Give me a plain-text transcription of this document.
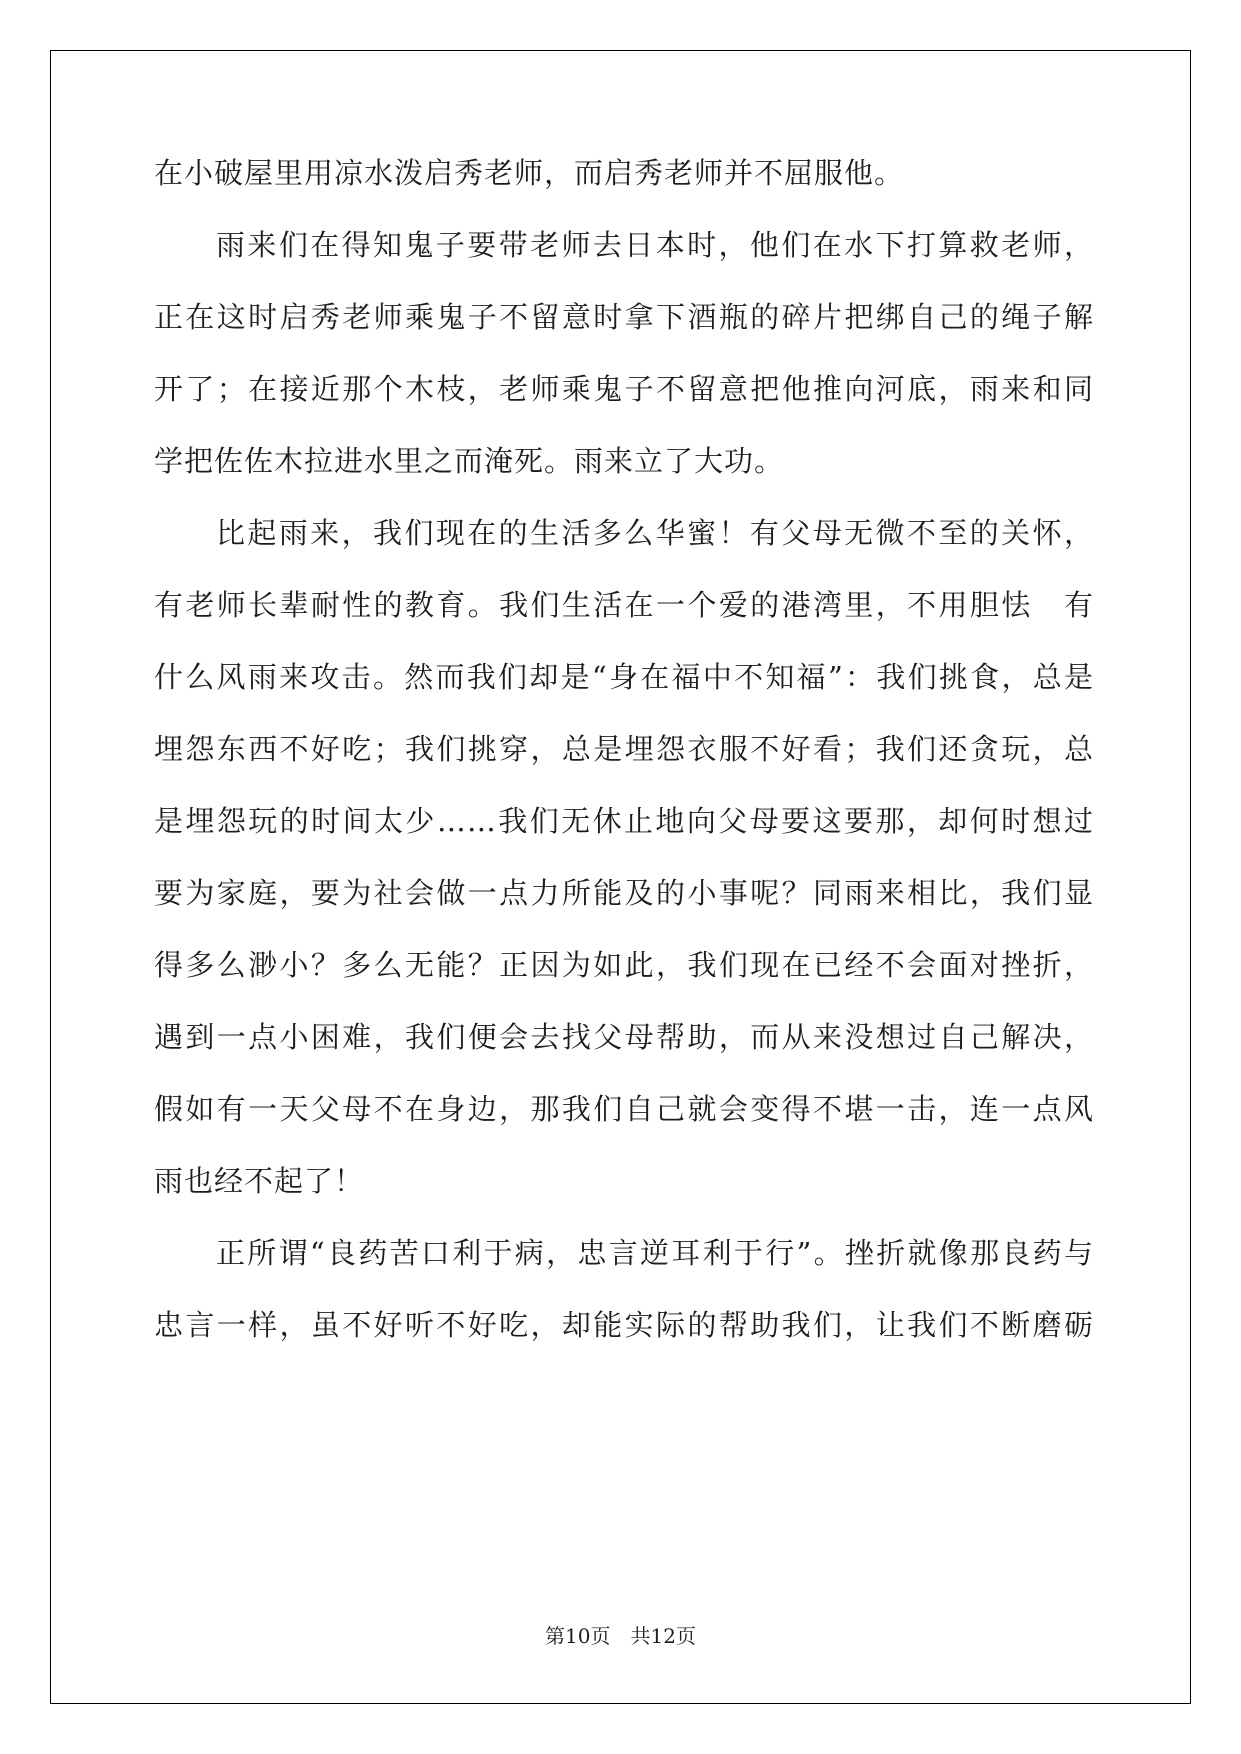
在小破屋里用凉水泼启秀老师，而启秀老师并不屈服他。
雨来们在得知鬼子要带老师去日本时，他们在水下打算救老师，
正在这时启秀老师乘鬼子不留意时拿下酒瓶的碎片把绑自己的绳子解
开了；在接近那个木枝，老师乘鬼子不留意把他推向河底，雨来和同
学把佐佐木拉进水里之而淹死。雨来立了大功。
比起雨来，我们现在的生活多么华蜜！有父母无微不至的关怀，
有老师长辈耐性的教育。我们生活在一个爱的港湾里，不用胆怯　有
什么风雨来攻击。然而我们却是“身在福中不知福”：我们挑食，总是
埋怨东西不好吃；我们挑穿，总是埋怨衣服不好看；我们还贪玩，总
是埋怨玩的时间太少……我们无休止地向父母要这要那，却何时想过
要为家庭，要为社会做一点力所能及的小事呢？同雨来相比，我们显
得多么渺小？多么无能？正因为如此，我们现在已经不会面对挫折，
遇到一点小困难，我们便会去找父母帮助，而从来没想过自己解决，
假如有一天父母不在身边，那我们自己就会变得不堪一击，连一点风
雨也经不起了！
正所谓“良药苦口利于病，忠言逆耳利于行”。挫折就像那良药与
忠言一样，虽不好听不好吃，却能实际的帮助我们，让我们不断磨砺
第10页　共12页
